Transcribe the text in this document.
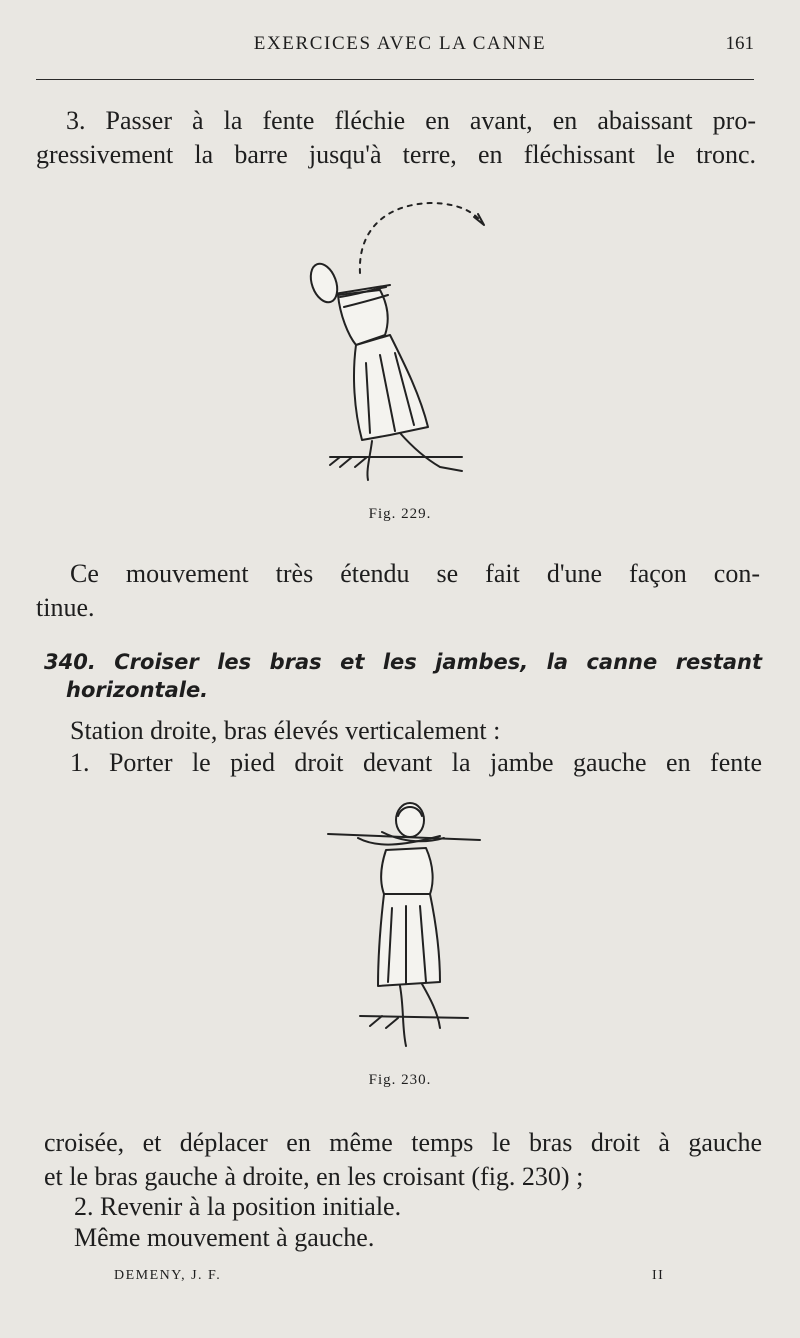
EXERCICES AVEC LA CANNE	161
3. Passer à la fente fléchie en avant, en abaissant pro-
gressivement la barre jusqu'à terre, en fléchissant le tronc.
Fig. 229.
Ce mouvement très étendu se fait d'une façon con-
tinue.
340. Croiser les bras et les jambes, la canne restant
horizontale.
Station droite, bras élevés verticalement :
1. Porter le pied droit devant la jambe gauche en fente
Fig. 230.
croisée, et déplacer en même temps le bras droit à gauche
et le bras gauche à droite, en les croisant (fig. 230) ;
2. Revenir à la position initiale.
Même mouvement à gauche.
DEMENY, J. F.	II
